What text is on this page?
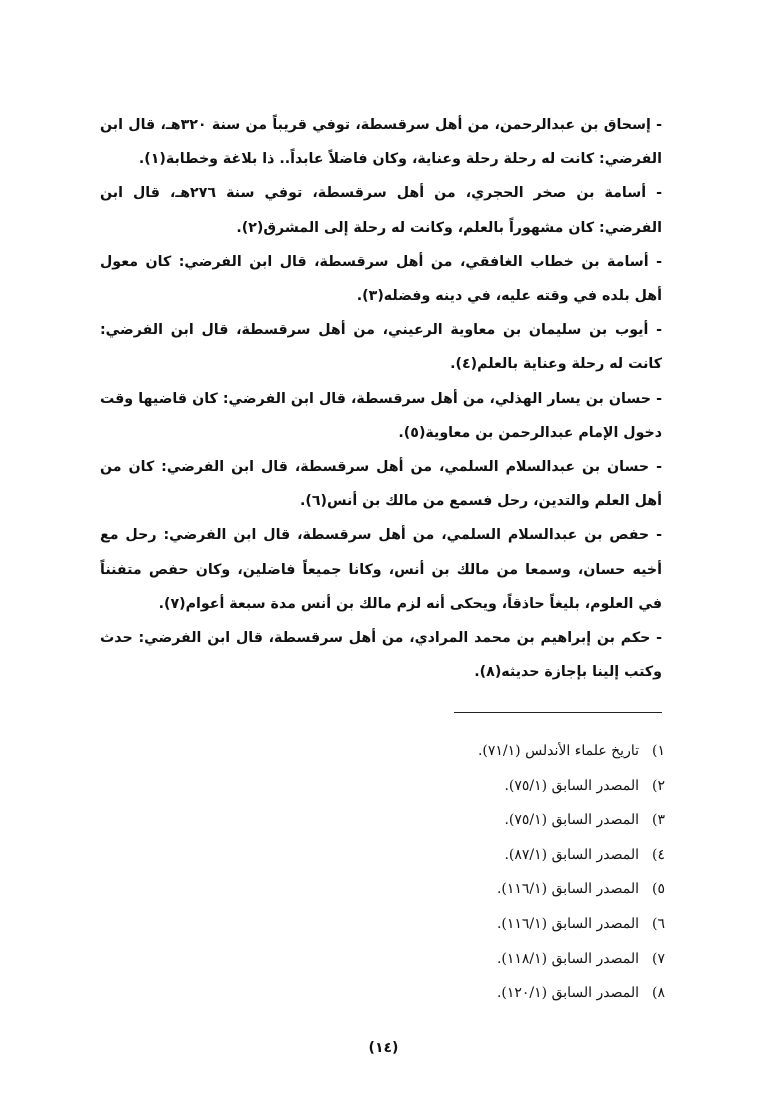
- إسحاق بن عبدالرحمن، من أهل سرقسطة، توفي قريباً من سنة ٣٢٠هـ، قال ابن الفرضي: كانت له رحلة رحلة وعناية، وكان فاضلاً عابداً.. ذا بلاغة وخطابة(١).

- أسامة بن صخر الحجري، من أهل سرقسطة، توفي سنة ٢٧٦هـ، قال ابن الفرضي: كان مشهوراً بالعلم، وكانت له رحلة إلى المشرق(٢).

- أسامة بن خطاب الغافقي، من أهل سرقسطة، قال ابن الفرضي: كان معول أهل بلده في وقته عليه، في دينه وفضله(٣).

- أيوب بن سليمان بن معاوية الرعيني، من أهل سرقسطة، قال ابن الفرضي: كانت له رحلة وعناية بالعلم(٤).

- حسان بن يسار الهذلي، من أهل سرقسطة، قال ابن الفرضي: كان قاضيها وقت دخول الإمام عبدالرحمن بن معاوية(٥).

- حسان بن عبدالسلام السلمي، من أهل سرقسطة، قال ابن الفرضي: كان من أهل العلم والتدين، رحل فسمع من مالك بن أنس(٦).

- حفص بن عبدالسلام السلمي، من أهل سرقسطة، قال ابن الفرضي: رحل مع أخيه حسان، وسمعا من مالك بن أنس، وكانا جميعاً فاضلين، وكان حفص متفنناً في العلوم، بليغاً حاذقاً، ويحكى أنه لزم مالك بن أنس مدة سبعة أعوام(٧).

- حكم بن إبراهيم بن محمد المرادي، من أهل سرقسطة، قال ابن الفرضي: حدث وكتب إلينا بإجازة حديثه(٨).

١)
تاريخ علماء الأندلس (٧١/١).
٢)
المصدر السابق (٧٥/١).
٣)
المصدر السابق (٧٥/١).
٤)
المصدر السابق (٨٧/١).
٥)
المصدر السابق (١١٦/١).
٦)
المصدر السابق (١١٦/١).
٧)
المصدر السابق (١١٨/١).
٨)
المصدر السابق (١٢٠/١).
(١٤)
